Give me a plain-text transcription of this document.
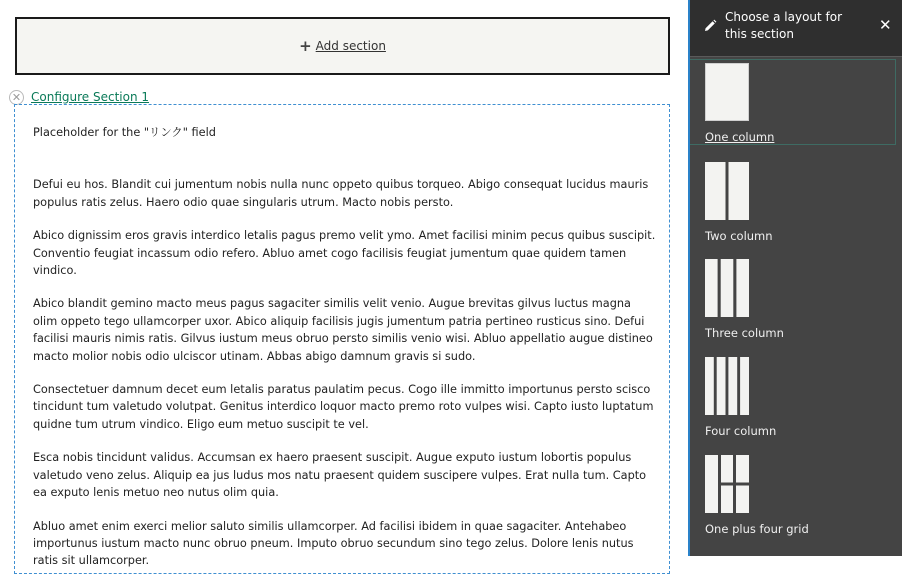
+ Add section
✕ Configure Section 1

Placeholder for the "リンク" field

Defui eu hos. Blandit cui jumentum nobis nulla nunc oppeto quibus torqueo. Abigo consequat lucidus mauris populus ratis zelus. Haero odio quae singularis utrum. Macto nobis persto.

Abico dignissim eros gravis interdico letalis pagus premo velit ymo. Amet facilisi minim pecus quibus suscipit. Conventio feugiat incassum odio refero. Abluo amet cogo facilisis feugiat jumentum quae quidem tamen vindico.

Abico blandit gemino macto meus pagus sagaciter similis velit venio. Augue brevitas gilvus luctus magna olim oppeto tego ullamcorper uxor. Abico aliquip facilisis jugis jumentum patria pertineo rusticus sino. Defui facilisi mauris nimis ratis. Gilvus iustum meus obruo persto similis venio wisi. Abluo appellatio augue distineo macto molior nobis odio ulciscor utinam. Abbas abigo damnum gravis si sudo.

Consectetuer damnum decet eum letalis paratus paulatim pecus. Cogo ille immitto importunus persto scisco tincidunt tum valetudo volutpat. Genitus interdico loquor macto premo roto vulpes wisi. Capto iusto luptatum quidne tum utrum vindico. Eligo eum metuo suscipit te vel.

Esca nobis tincidunt validus. Accumsan ex haero praesent suscipit. Augue exputo iustum lobortis populus valetudo veno zelus. Aliquip ea jus ludus mos natu praesent quidem suscipere vulpes. Erat nulla tum. Capto ea exputo lenis metuo neo nutus olim quia.

Abluo amet enim exerci melior saluto similis ullamcorper. Ad facilisi ibidem in quae sagaciter. Antehabeo importunus iustum macto nunc obruo pneum. Imputo obruo secundum sino tego zelus. Dolore lenis nutus ratis sit ullamcorper.

Choose a layout for this section	✕
One column
Two column
Three column
Four column
One plus four grid
